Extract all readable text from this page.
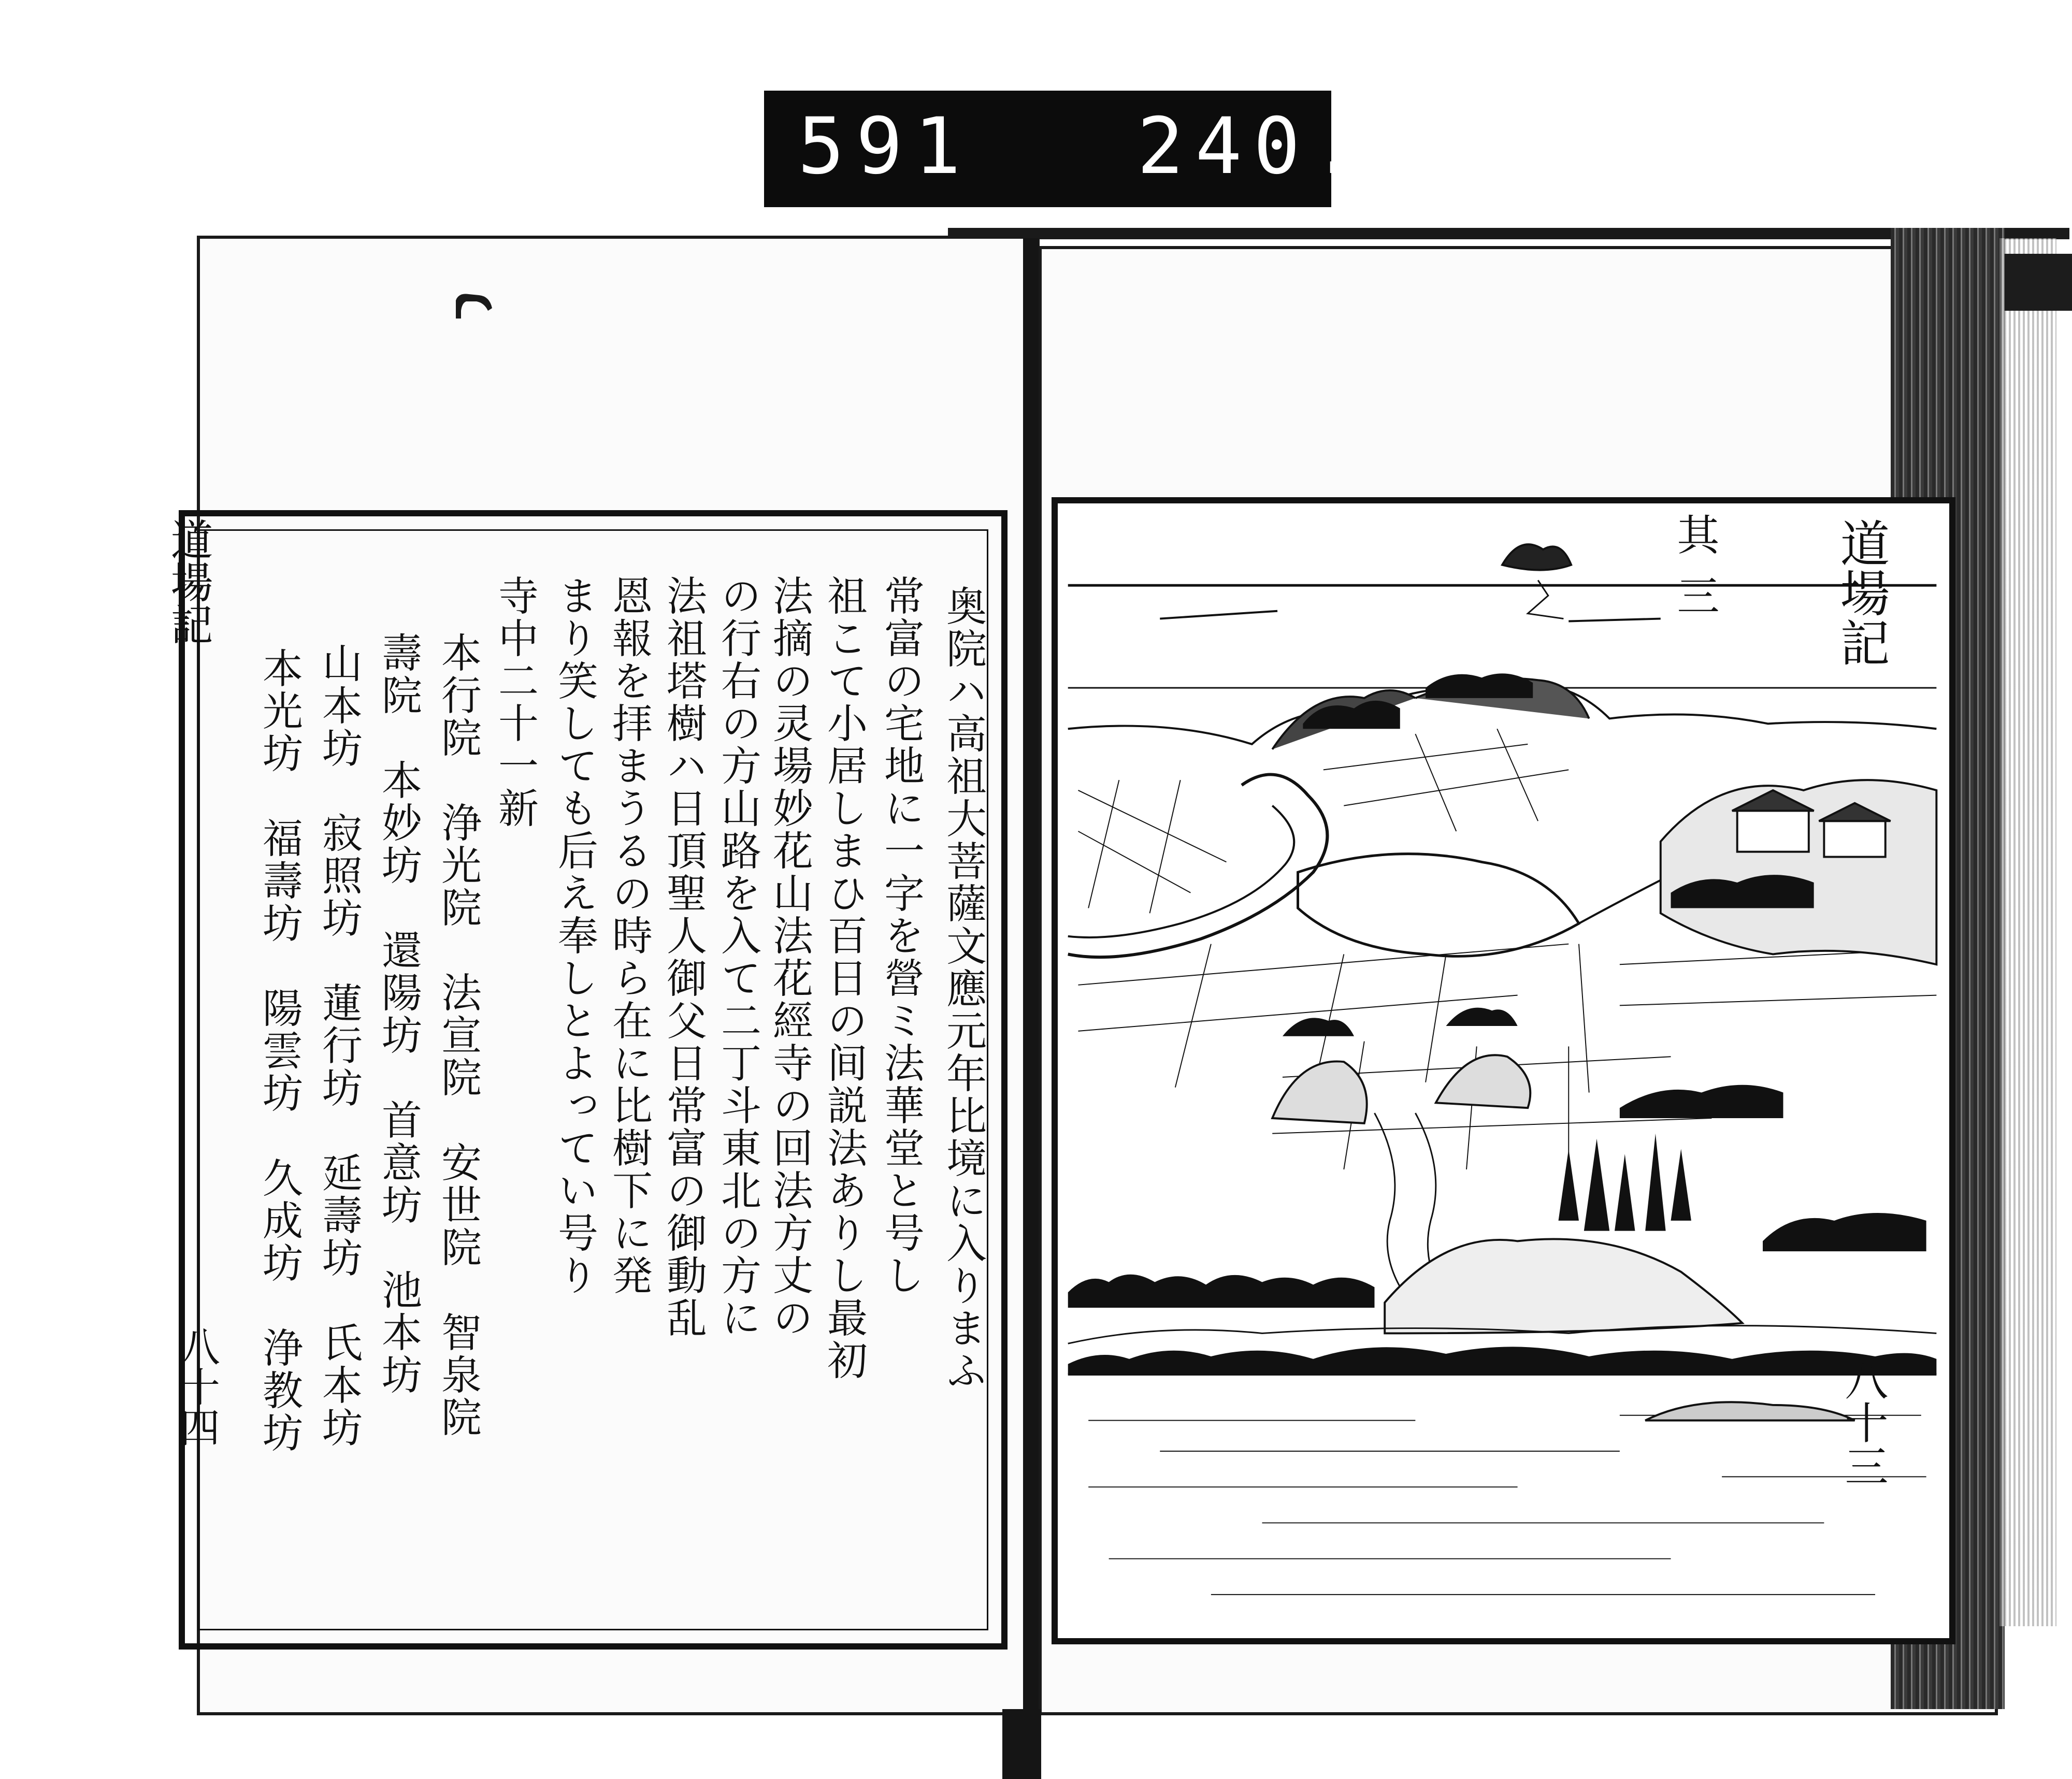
591 240.
道場記
八十四	奥院ハ高祖大菩薩文應元年比境に入りまふ
常富の宅地に一字を營ミ法華堂と号し
祖こて小居しまひ百日の间説法ありし最初
法摘の灵場妙花山法花經寺の回法方丈の
の行右の方山路を入て二丁斗東北の方に
法祖塔樹ハ日頂聖人御父日常富の御動乱
恩報を拝まうるの時ら在に比樹下に発
まり笑しても后え奉しとよってい号り
寺中二十一新
本行院　浄光院　法宣院　安世院　智泉院
壽院　本妙坊　還陽坊　首意坊　池本坊
山本坊　寂照坊　蓮行坊　延壽坊　氏本坊
本光坊　福壽坊　陽雲坊　久成坊　浄教坊
其三 道場記
八十三
